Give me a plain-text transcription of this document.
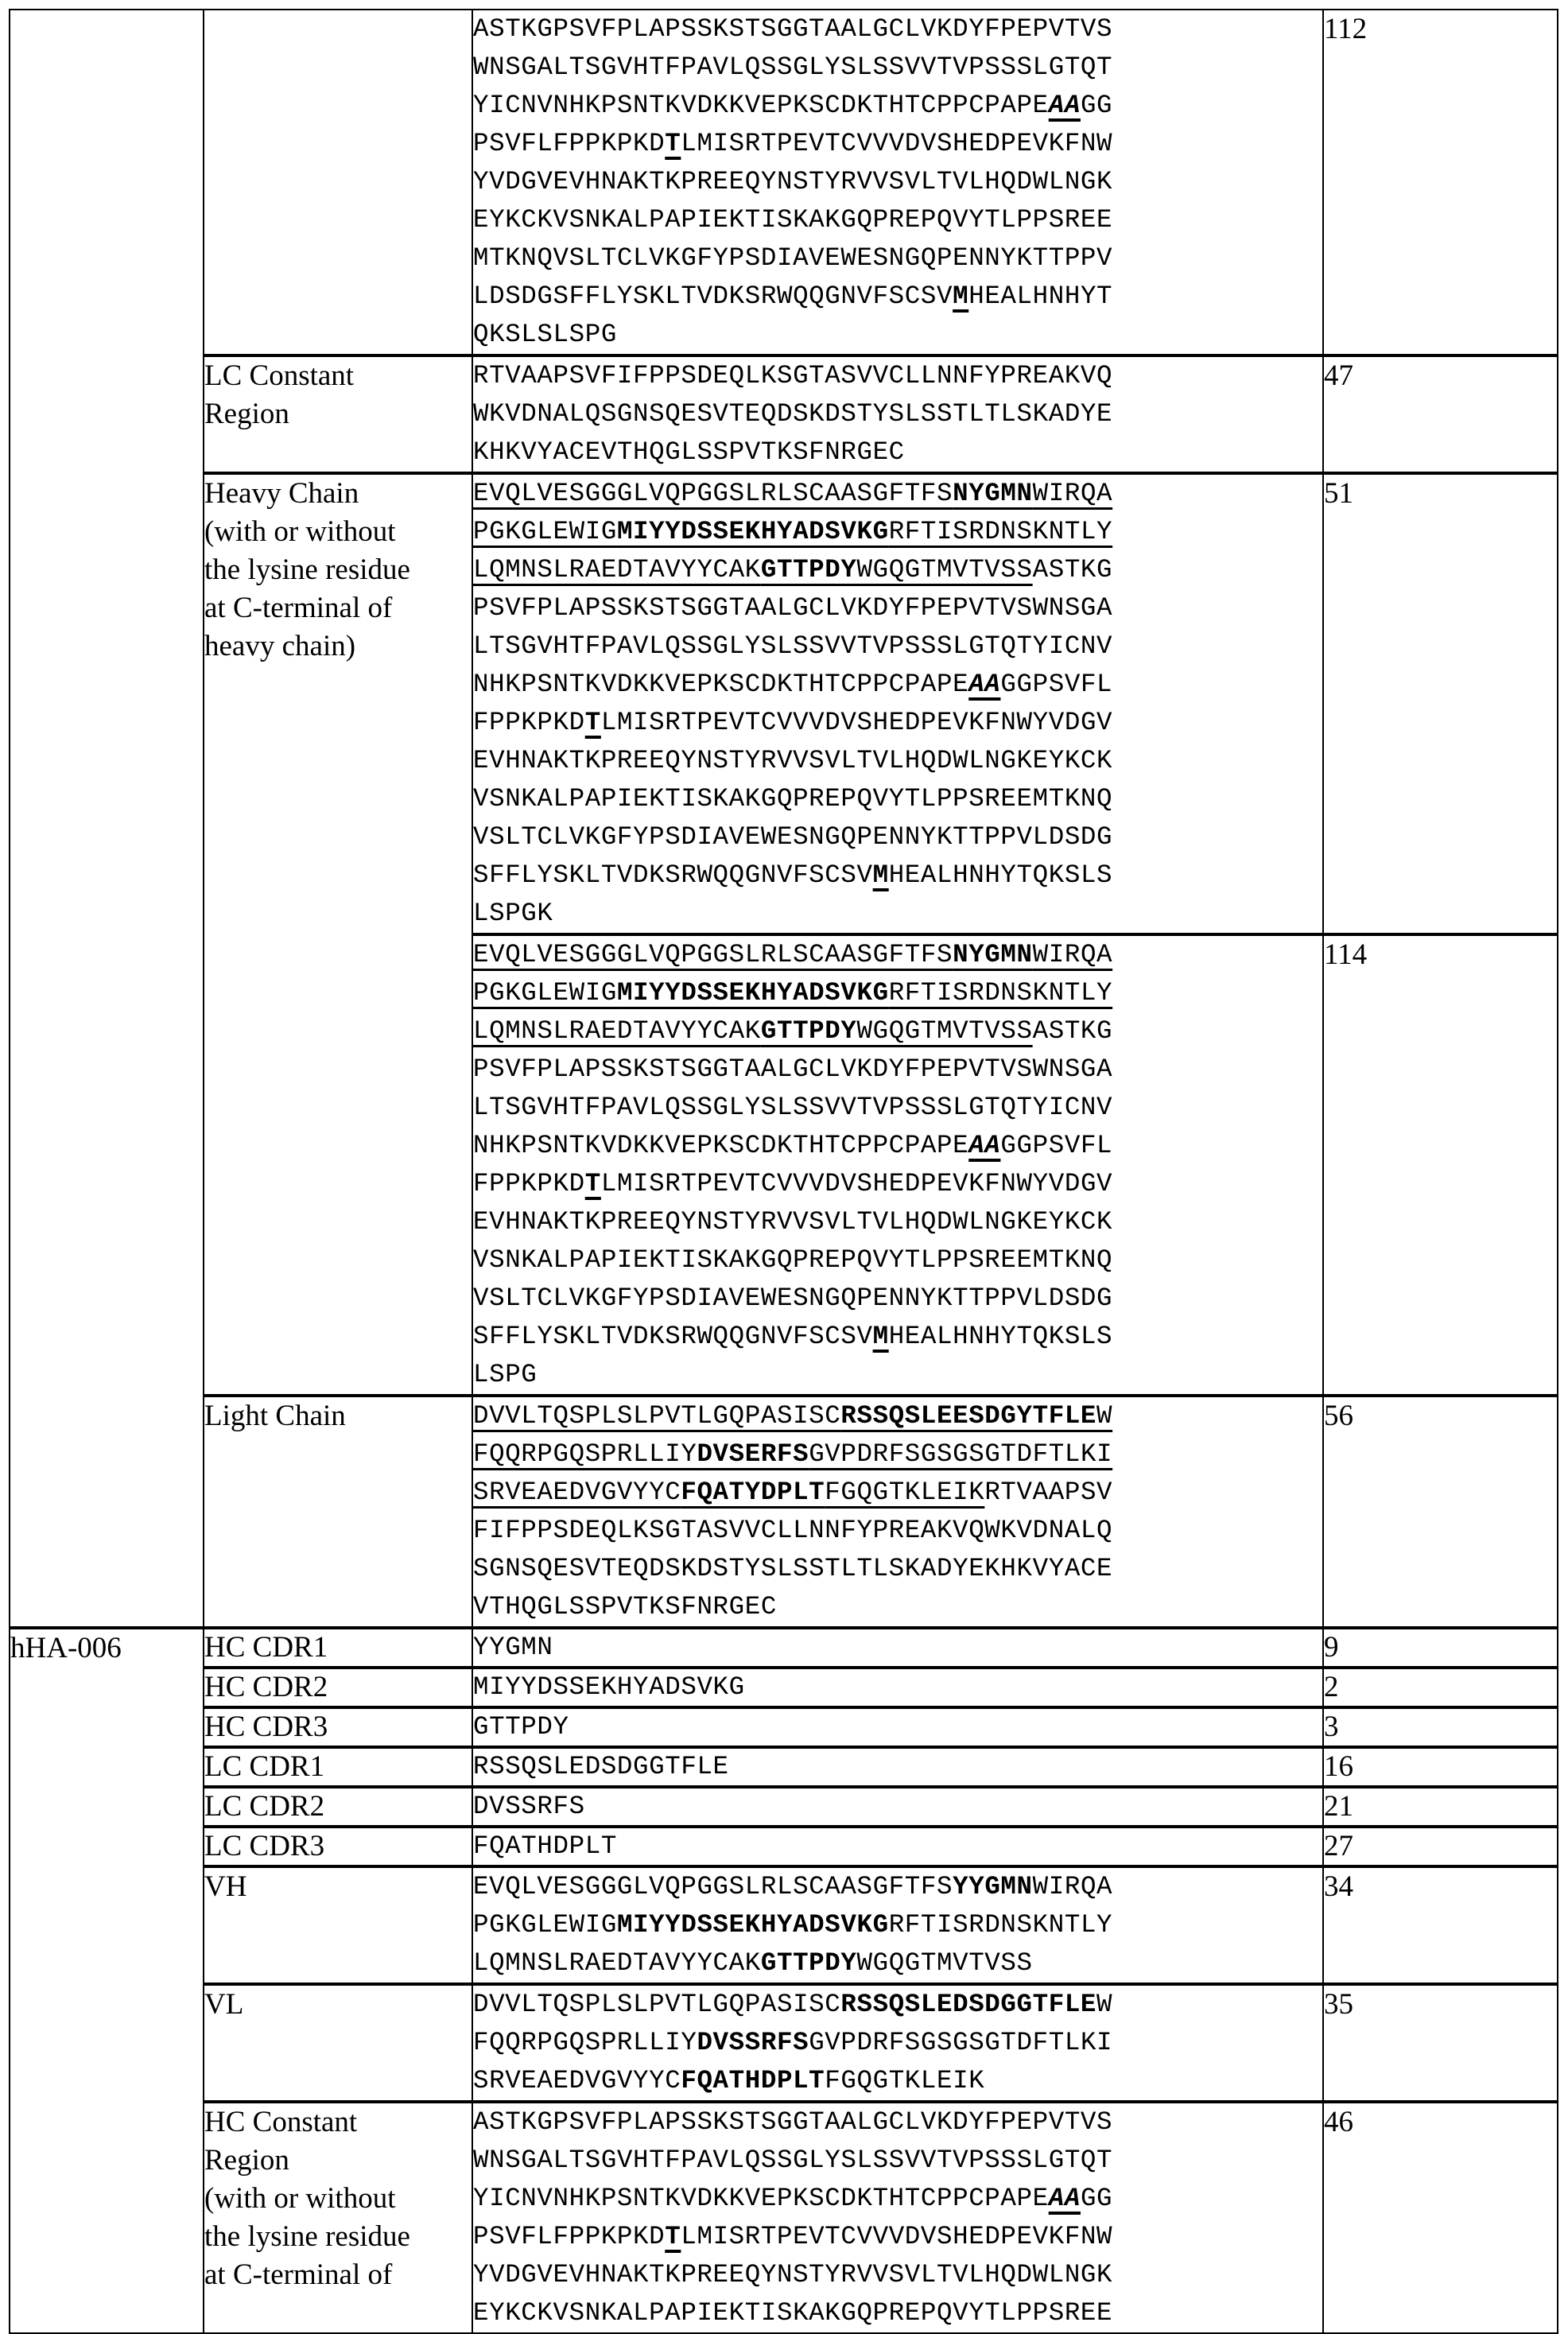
ASTKGPSVFPLAPSSKSTSGGTAALGCLVKDYFPEPVTVS
WNSGALTSGVHTFPAVLQSSGLYSLSSVVTVPSSSLGTQT
YICNVNHKPSNTKVDKKVEPKSCDKTHTCPPCPAPEAAGG
PSVFLFPPKPKDTLMISRTPEVTCVVVDVSHEDPEVKFNW
YVDGVEVHNAKTKPREEQYNSTYRVVSVLTVLHQDWLNGK
EYKCKVSNKALPAPIEKTISKAKGQPREPQVYTLPPSREE
MTKNQVSLTCLVKGFYPSDIAVEWESNGQPENNYKTTPPV
LDSDGSFFLYSKLTVDKSRWQQGNVFSCSVMHEALHNHYT
QKSLSLSPG
	112

LC Constant
Region

RTVAAPSVFIFPPSDEQLKSGTASVVCLLNNFYPREAKVQ
WKVDNALQSGNSQESVTEQDSKDSTYSLSSTLTLSKADYE
KHKVYACEVTHQGLSSPVTKSFNRGEC
	47

Heavy Chain
(with or without
the lysine residue
at C-terminal of
heavy chain)

EVQLVESGGGLVQPGGSLRLSCAASGFTFSNYGMNWIRQA
PGKGLEWIGMIYYDSSEKHYADSVKGRFTISRDNSKNTLY
LQMNSLRAEDTAVYYCAKGTTPDYWGQGTMVTVSSASTKG
PSVFPLAPSSKSTSGGTAALGCLVKDYFPEPVTVSWNSGA
LTSGVHTFPAVLQSSGLYSLSSVVTVPSSSLGTQTYICNV
NHKPSNTKVDKKVEPKSCDKTHTCPPCPAPEAAGGPSVFL
FPPKPKDTLMISRTPEVTCVVVDVSHEDPEVKFNWYVDGV
EVHNAKTKPREEQYNSTYRVVSVLTVLHQDWLNGKEYKCK
VSNKALPAPIEKTISKAKGQPREPQVYTLPPSREEMTKNQ
VSLTCLVKGFYPSDIAVEWESNGQPENNYKTTPPVLDSDG
SFFLYSKLTVDKSRWQQGNVFSCSVMHEALHNHYTQKSLS
LSPGK
	51

EVQLVESGGGLVQPGGSLRLSCAASGFTFSNYGMNWIRQA
PGKGLEWIGMIYYDSSEKHYADSVKGRFTISRDNSKNTLY
LQMNSLRAEDTAVYYCAKGTTPDYWGQGTMVTVSSASTKG
PSVFPLAPSSKSTSGGTAALGCLVKDYFPEPVTVSWNSGA
LTSGVHTFPAVLQSSGLYSLSSVVTVPSSSLGTQTYICNV
NHKPSNTKVDKKVEPKSCDKTHTCPPCPAPEAAGGPSVFL
FPPKPKDTLMISRTPEVTCVVVDVSHEDPEVKFNWYVDGV
EVHNAKTKPREEQYNSTYRVVSVLTVLHQDWLNGKEYKCK
VSNKALPAPIEKTISKAKGQPREPQVYTLPPSREEMTKNQ
VSLTCLVKGFYPSDIAVEWESNGQPENNYKTTPPVLDSDG
SFFLYSKLTVDKSRWQQGNVFSCSVMHEALHNHYTQKSLS
LSPG
	114
Light Chain	DVVLTQSPLSLPVTLGQPASISCRSSQSLEESDGYTFLEW
FQQRPGQSPRLLIYDVSERFSGVPDRFSGSGSGTDFTLKI
SRVEAEDVGVYYCFQATYDPLTFGQGTKLEIKRTVAAPSV
FIFPPSDEQLKSGTASVVCLLNNFYPREAKVQWKVDNALQ
SGNSQESVTEQDSKDSTYSLSSTLTLSKADYEKHKVYACE
VTHQGLSSPVTKSFNRGEC
	56
hHA-006	HC CDR1	YYGMN	9
	HC CDR2	MIYYDSSEKHYADSVKG	2
	HC CDR3	GTTPDY	3
	LC CDR1	RSSQSLEDSDGGTFLE	16
	LC CDR2	DVSSRFS	21
	LC CDR3	FQATHDPLT	27
	VH	EVQLVESGGGLVQPGGSLRLSCAASGFTFSYYGMNWIRQA
PGKGLEWIGMIYYDSSEKHYADSVKGRFTISRDNSKNTLY
LQMNSLRAEDTAVYYCAKGTTPDYWGQGTMVTVSS	34
	VL	DVVLTQSPLSLPVTLGQPASISCRSSQSLEDSDGGTFLEW
FQQRPGQSPRLLIYDVSSRFSGVPDRFSGSGSGTDFTLKI
SRVEAEDVGVYYCFQATHDPLTFGQGTKLEIK	35

HC Constant
Region
(with or without
the lysine residue
at C-terminal of

ASTKGPSVFPLAPSSKSTSGGTAALGCLVKDYFPEPVTVS
WNSGALTSGVHTFPAVLQSSGLYSLSSVVTVPSSSLGTQT
YICNVNHKPSNTKVDKKVEPKSCDKTHTCPPCPAPEAAGG
PSVFLFPPKPKDTLMISRTPEVTCVVVDVSHEDPEVKFNW
YVDGVEVHNAKTKPREEQYNSTYRVVSVLTVLHQDWLNGK
EYKCKVSNKALPAPIEKTISKAKGQPREPQVYTLPPSREE
	46
